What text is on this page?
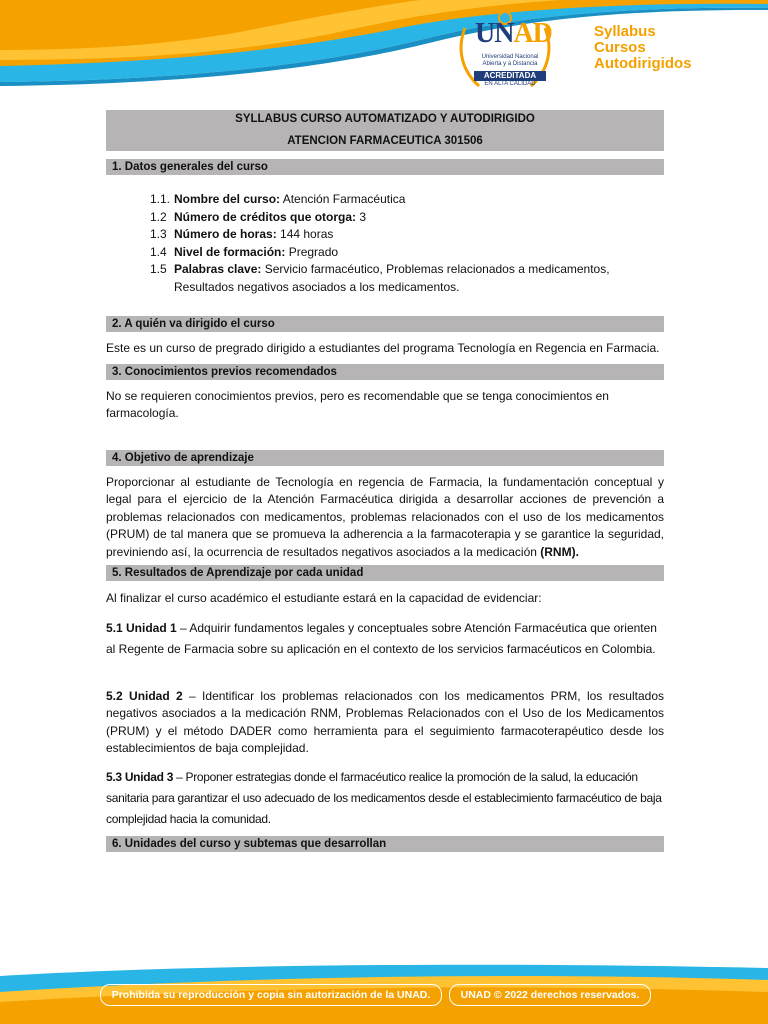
UNAD
Universidad Nacional Abierta y a Distancia
ACREDITADA
EN ALTA CALIDAD
Syllabus
Cursos
Autodirigidos
SYLLABUS CURSO AUTOMATIZADO Y AUTODIRIGIDO
ATENCION FARMACEUTICA 301506
1. Datos generales del curso
1.1. Nombre del curso: Atención Farmacéutica
1.2 Número de créditos que otorga: 3
1.3 Número de horas: 144 horas
1.4 Nivel de formación: Pregrado
1.5 Palabras clave: Servicio farmacéutico, Problemas relacionados a medicamentos, Resultados negativos asociados a los medicamentos.
2. A quién va dirigido el curso
Este es un curso de pregrado dirigido a estudiantes del programa Tecnología en Regencia en Farmacia.
3. Conocimientos previos recomendados
No se requieren conocimientos previos, pero es recomendable que se tenga conocimientos en farmacología.
4. Objetivo de aprendizaje
Proporcionar al estudiante de Tecnología en regencia de Farmacia, la fundamentación conceptual y legal para el ejercicio de la Atención Farmacéutica dirigida a desarrollar acciones de prevención a problemas relacionados con medicamentos, problemas relacionados con el uso de los medicamentos (PRUM) de tal manera que se promueva la adherencia a la farmacoterapia y se garantice la seguridad, previniendo así, la ocurrencia de resultados negativos asociados a la medicación (RNM).
5. Resultados de Aprendizaje por cada unidad
Al finalizar el curso académico el estudiante estará en la capacidad de evidenciar:
5.1 Unidad 1 – Adquirir fundamentos legales y conceptuales sobre Atención Farmacéutica que orienten al Regente de Farmacia sobre su aplicación en el contexto de los servicios farmacéuticos en Colombia.
5.2 Unidad 2 – Identificar los problemas relacionados con los medicamentos PRM, los resultados negativos asociados a la medicación RNM, Problemas Relacionados con el Uso de los Medicamentos (PRUM) y el método DADER como herramienta para el seguimiento farmacoterapéutico desde los establecimientos de baja complejidad.
5.3 Unidad 3 – Proponer estrategias donde el farmacéutico realice la promoción de la salud, la educación sanitaria para garantizar el uso adecuado de los medicamentos desde el establecimiento farmacéutico de baja complejidad hacia la comunidad.
6. Unidades del curso y subtemas que desarrollan
Prohibida su reproducción y copia sin autorización de la UNAD.	UNAD © 2022 derechos reservados.
